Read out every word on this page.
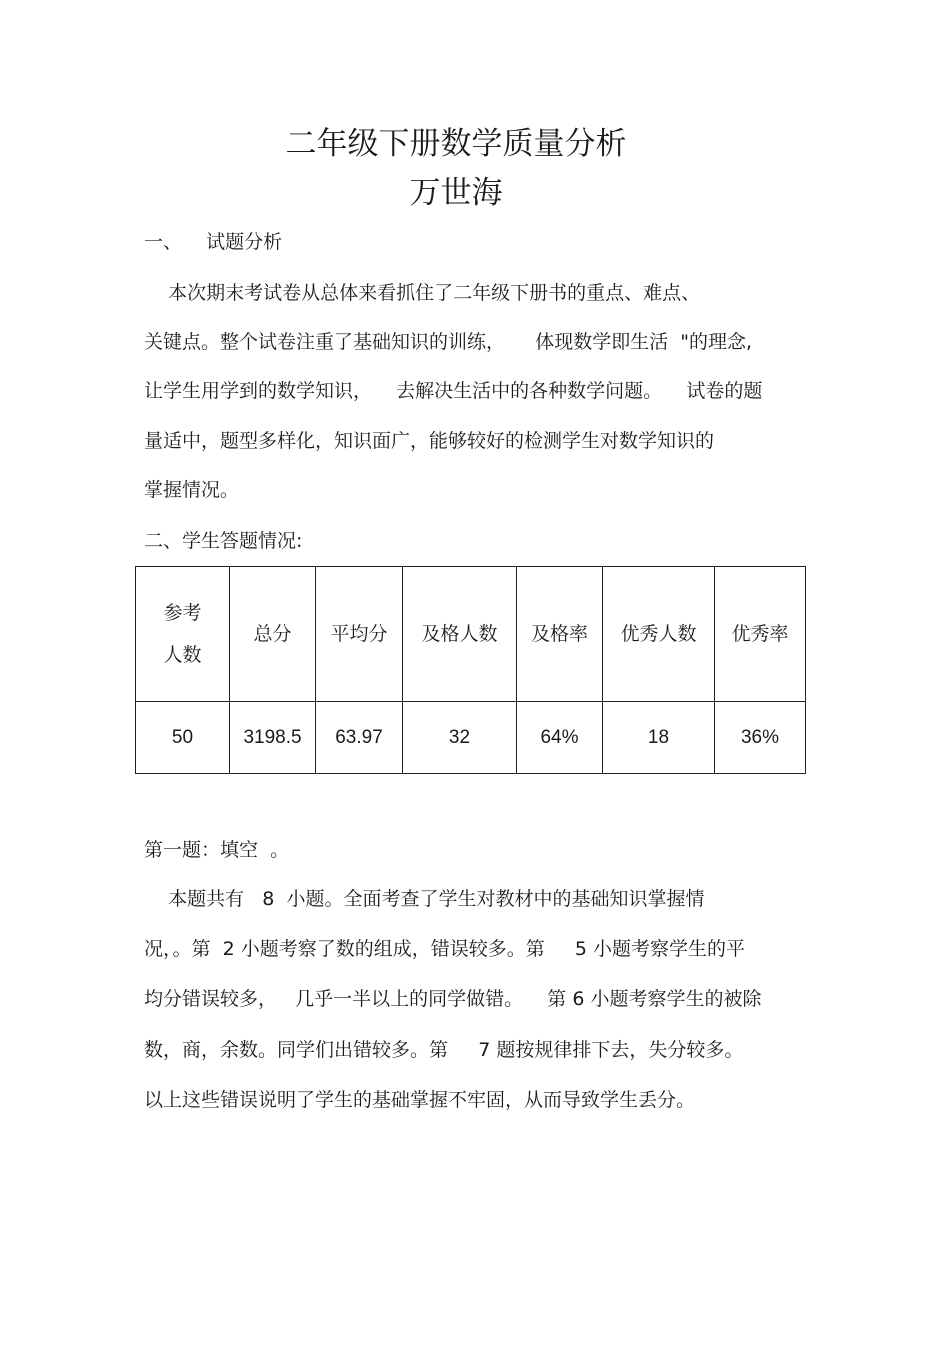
二年级下册数学质量分析
万世海

一、    试题分析

本次期末考试卷从总体来看抓住了二年级下册书的重点、难点、

关键点。整个试卷注重了基础知识的训练，     体现数学即生活  "的理念,

让学生用学到的数学知识，    去解决生活中的各种数学问题。    试卷的题

量适中，题型多样化，知识面广，能够较好的检测学生对数学知识的

掌握情况。

二、学生答题情况:

参考
人数	总分	平均分	及格人数	及格率	优秀人数	优秀率
50	3198.5	63.97	32	64%	18	36%

第一题：填空  。

本题共有   8  小题。全面考查了学生对教材中的基础知识掌握情

况，。第  2 小题考察了数的组成，错误较多。第     5 小题考察学生的平

均分错误较多，   几乎一半以上的同学做错。    第 6 小题考察学生的被除

数，商，余数。同学们出错较多。第     7 题按规律排下去，失分较多。

以上这些错误说明了学生的基础掌握不牢固，从而导致学生丢分。
